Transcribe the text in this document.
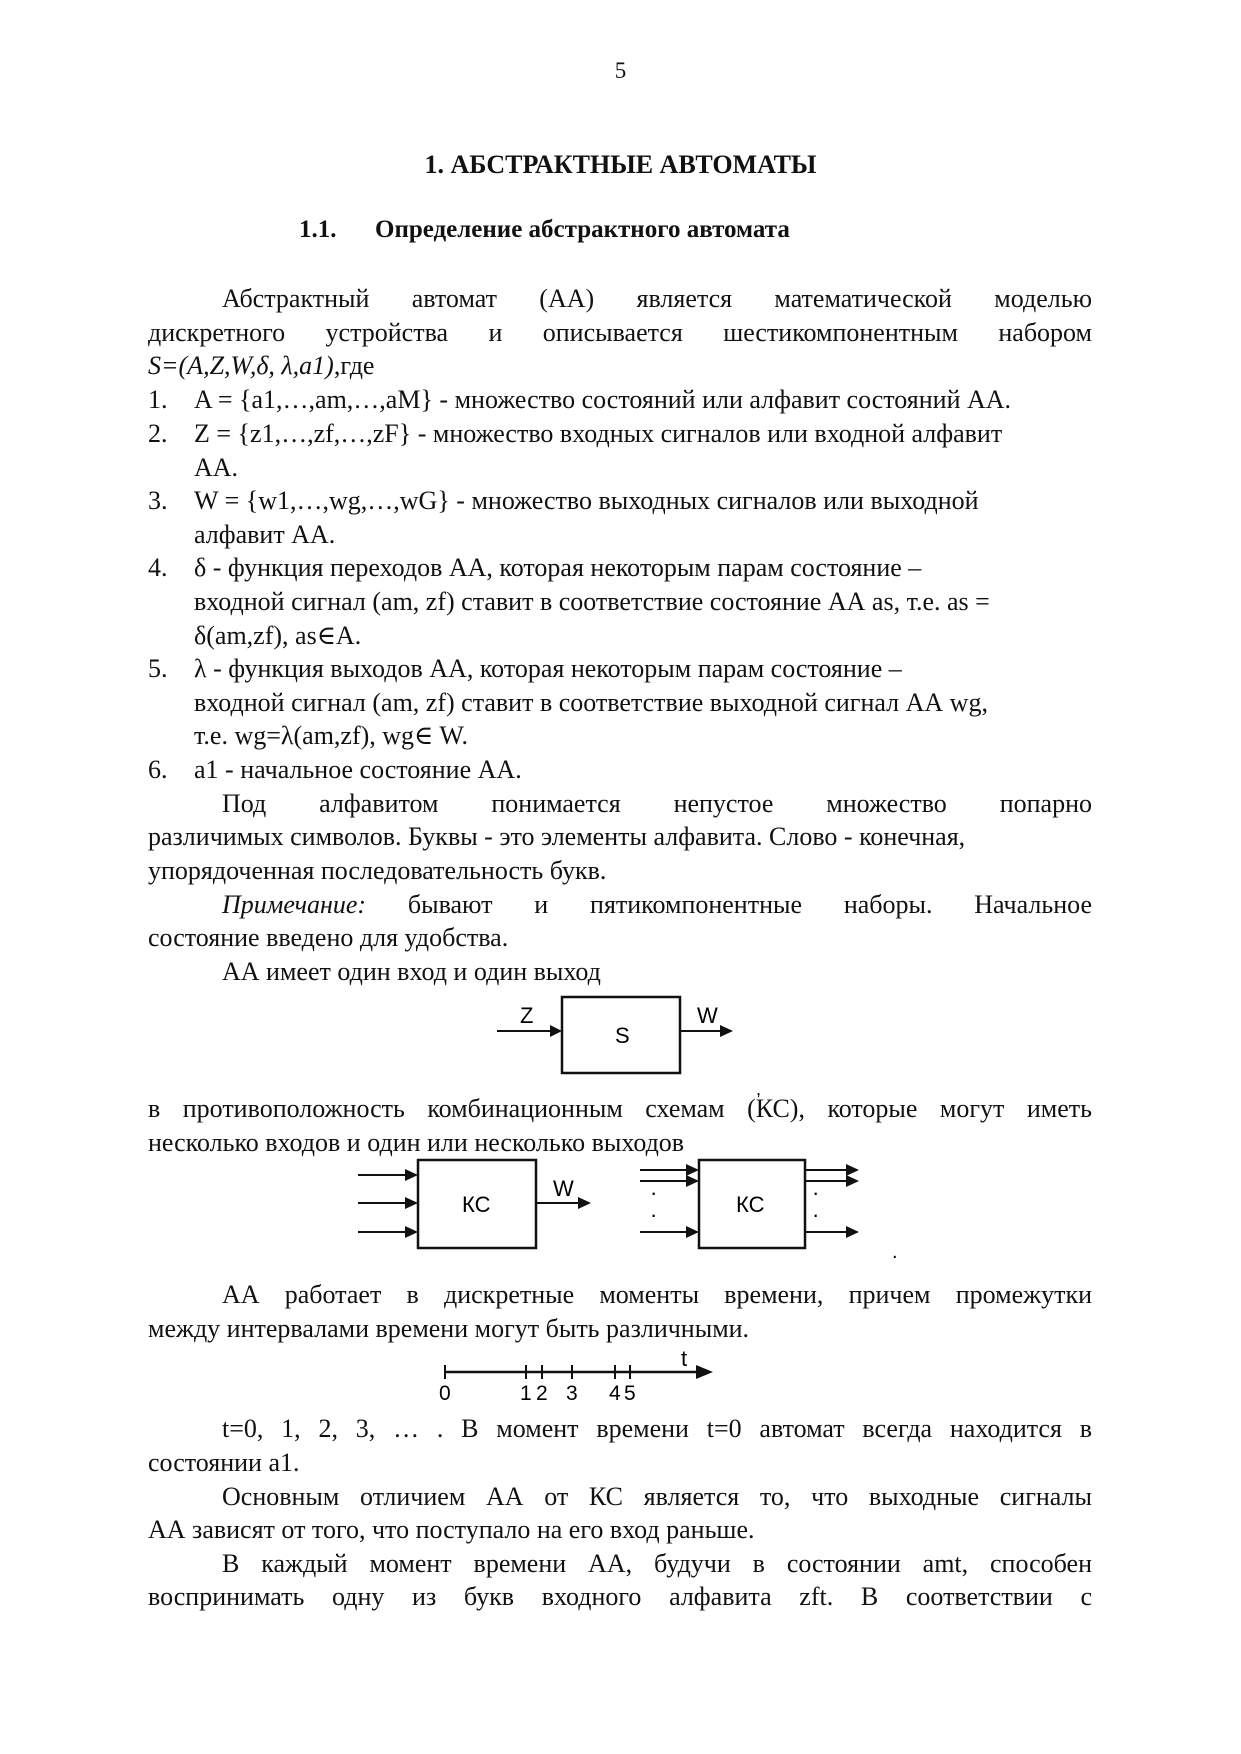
5
1. АБСТРАКТНЫЕ АВТОМАТЫ
1.1. Определение абстрактного автомата
Абстрактный автомат (АА) является математической моделью
дискретного устройства и описывается шестикомпонентным набором
S=(A,Z,W,δ, λ,a1),где
1. A = {a1,…,am,…,aM} - множество состояний или алфавит состояний АА.
2. Z = {z1,…,zf,…,zF} - множество входных сигналов или входной алфавит
АА.
3. W = {w1,…,wg,…,wG} - множество выходных сигналов или выходной
алфавит АА.
4. δ - функция переходов АА, которая некоторым парам состояние –
входной сигнал (am, zf) ставит в соответствие состояние АА as, т.е. as =
δ(am,zf), as∈A.
5. λ - функция выходов АА, которая некоторым парам состояние –
входной сигнал (am, zf) ставит в соответствие выходной сигнал АА wg,
т.е. wg=λ(am,zf), wg∈ W.
6. a1 - начальное состояние АА.
Под алфавитом понимается непустое множество попарно
различимых символов. Буквы - это элементы алфавита. Слово - конечная,
упорядоченная последовательность букв.
Примечание: бывают и пятикомпонентные наборы. Начальное
состояние введено для удобства.
АА имеет один вход и один выход
Z
S
W
,
в противоположность комбинационным схемам (КС), которые могут иметь
несколько входов и один или несколько выходов
КС
W	·
·	КС ·
·
.
АА работает в дискретные моменты времени, причем промежутки
между интервалами времени могут быть различными.
t
0	1 2 3 4 5
t=0, 1, 2, 3, … . В момент времени t=0 автомат всегда находится в
состоянии a1.
Основным отличием АА от КС является то, что выходные сигналы
АА зависят от того, что поступало на его вход раньше.
В каждый момент времени АА, будучи в состоянии amt, способен
воспринимать одну из букв входного алфавита zft. В соответствии с
